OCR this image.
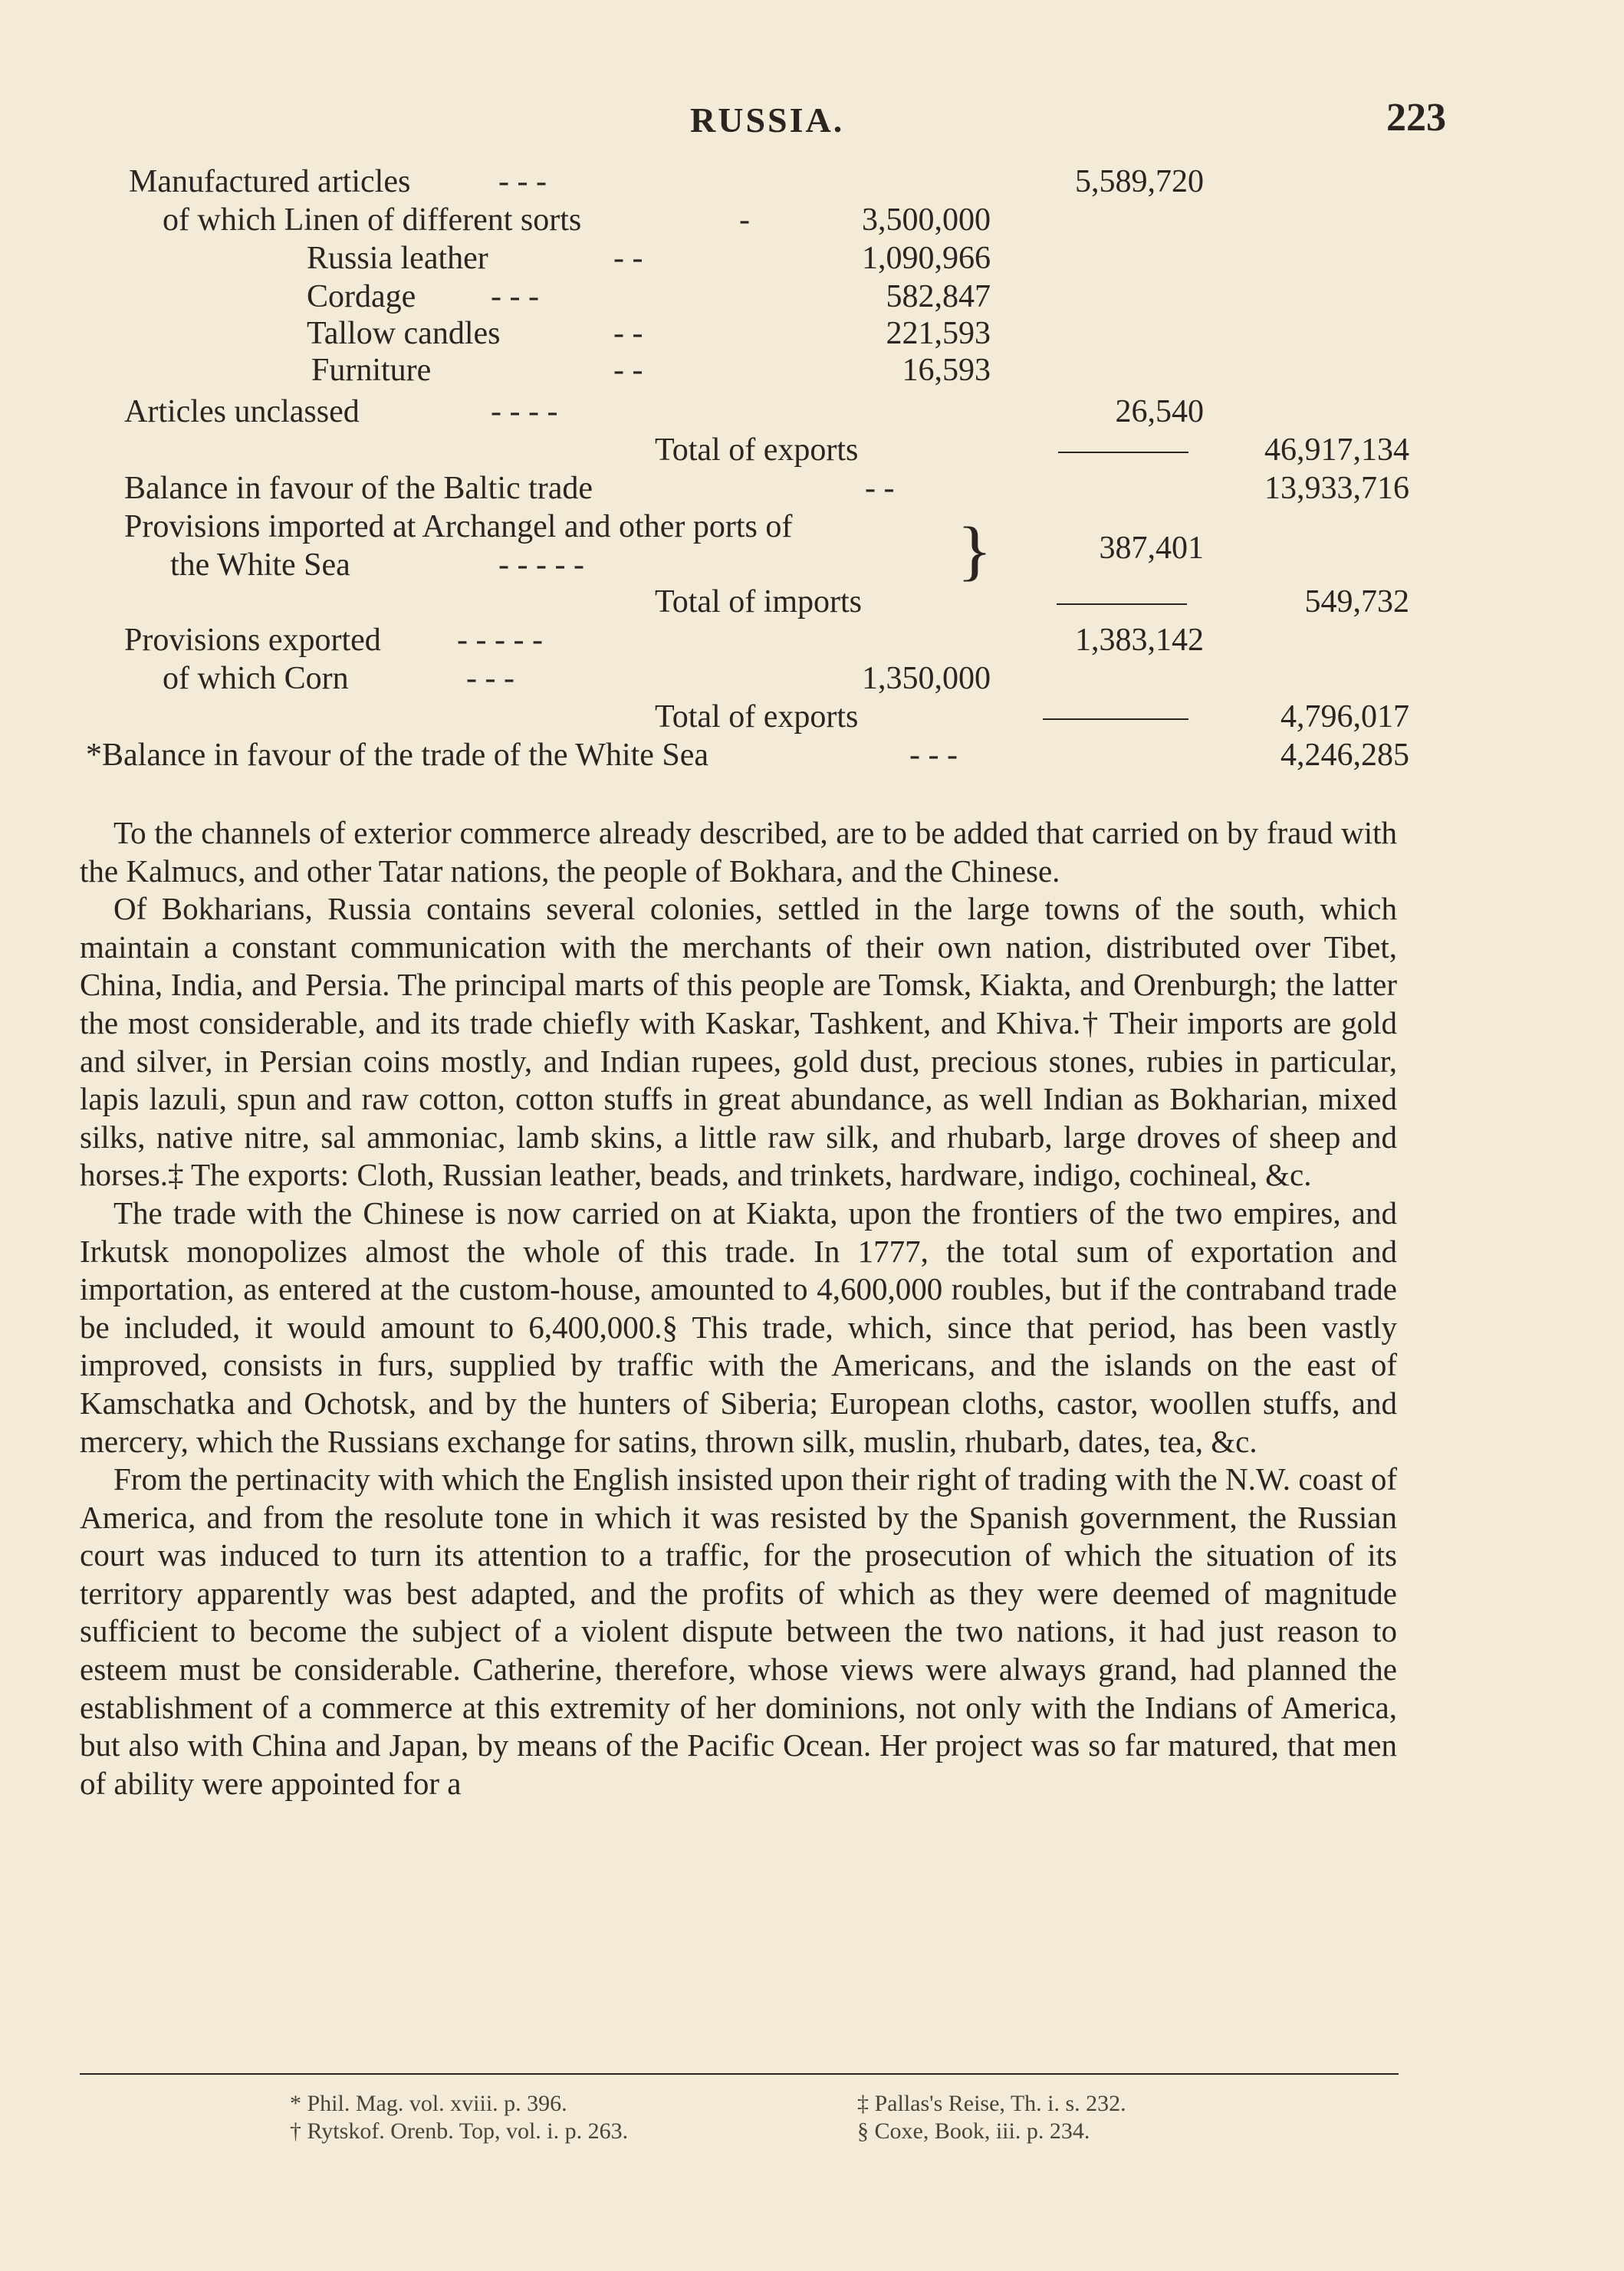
RUSSIA.	223
Manufactured articles	- - -	5,589,720
of which Linen of different sorts	-	3,500,000
Russia leather	- -	1,090,966
Cordage - - -	582,847
Tallow candles	- -	221,593
Furniture	- -	16,593
Articles unclassed	- - - -	26,540
Total of exports	46,917,134
Balance in favour of the Baltic trade	- -	13,933,716
Provisions imported at Archangel and other ports of
the White Sea	- - - - -	387,401
}
Total of imports	549,732
Provisions exported - - - - -	1,383,142
of which Corn	- - -	1,350,000
Total of exports	4,796,017
*Balance in favour of the trade of the White Sea	- - -	4,246,285

To the channels of exterior commerce already described, are to be added that carried on by fraud with the Kalmucs, and other Tatar nations, the people of Bokhara, and the Chinese.

Of Bokharians, Russia contains several colonies, settled in the large towns of the south, which maintain a constant communication with the merchants of their own nation, distributed over Tibet, China, India, and Persia. The principal marts of this people are Tomsk, Kiakta, and Orenburgh; the latter the most considerable, and its trade chiefly with Kaskar, Tashkent, and Khiva.† Their imports are gold and silver, in Persian coins mostly, and Indian rupees, gold dust, precious stones, rubies in particular, lapis lazuli, spun and raw cotton, cotton stuffs in great abundance, as well Indian as Bokharian, mixed silks, native nitre, sal ammoniac, lamb skins, a little raw silk, and rhubarb, large droves of sheep and horses.‡ The exports: Cloth, Russian leather, beads, and trinkets, hardware, indigo, cochineal, &c.

The trade with the Chinese is now carried on at Kiakta, upon the frontiers of the two empires, and Irkutsk monopolizes almost the whole of this trade. In 1777, the total sum of exportation and importation, as entered at the custom-house, amounted to 4,600,000 roubles, but if the contraband trade be included, it would amount to 6,400,000.§ This trade, which, since that period, has been vastly improved, consists in furs, supplied by traffic with the Americans, and the islands on the east of Kamschatka and Ochotsk, and by the hunters of Siberia; European cloths, castor, woollen stuffs, and mercery, which the Russians exchange for satins, thrown silk, muslin, rhubarb, dates, tea, &c.

From the pertinacity with which the English insisted upon their right of trading with the N.W. coast of America, and from the resolute tone in which it was resisted by the Spanish government, the Russian court was induced to turn its attention to a traffic, for the prosecution of which the situation of its territory apparently was best adapted, and the profits of which as they were deemed of magnitude sufficient to become the subject of a violent dispute between the two nations, it had just reason to esteem must be considerable. Catherine, therefore, whose views were always grand, had planned the establishment of a commerce at this extremity of her dominions, not only with the Indians of America, but also with China and Japan, by means of the Pacific Ocean. Her project was so far matured, that men of ability were appointed for a

* Phil. Mag. vol. xviii. p. 396.
† Rytskof. Orenb. Top, vol. i. p. 263.
‡ Pallas's Reise, Th. i. s. 232.
§ Coxe, Book, iii. p. 234.
